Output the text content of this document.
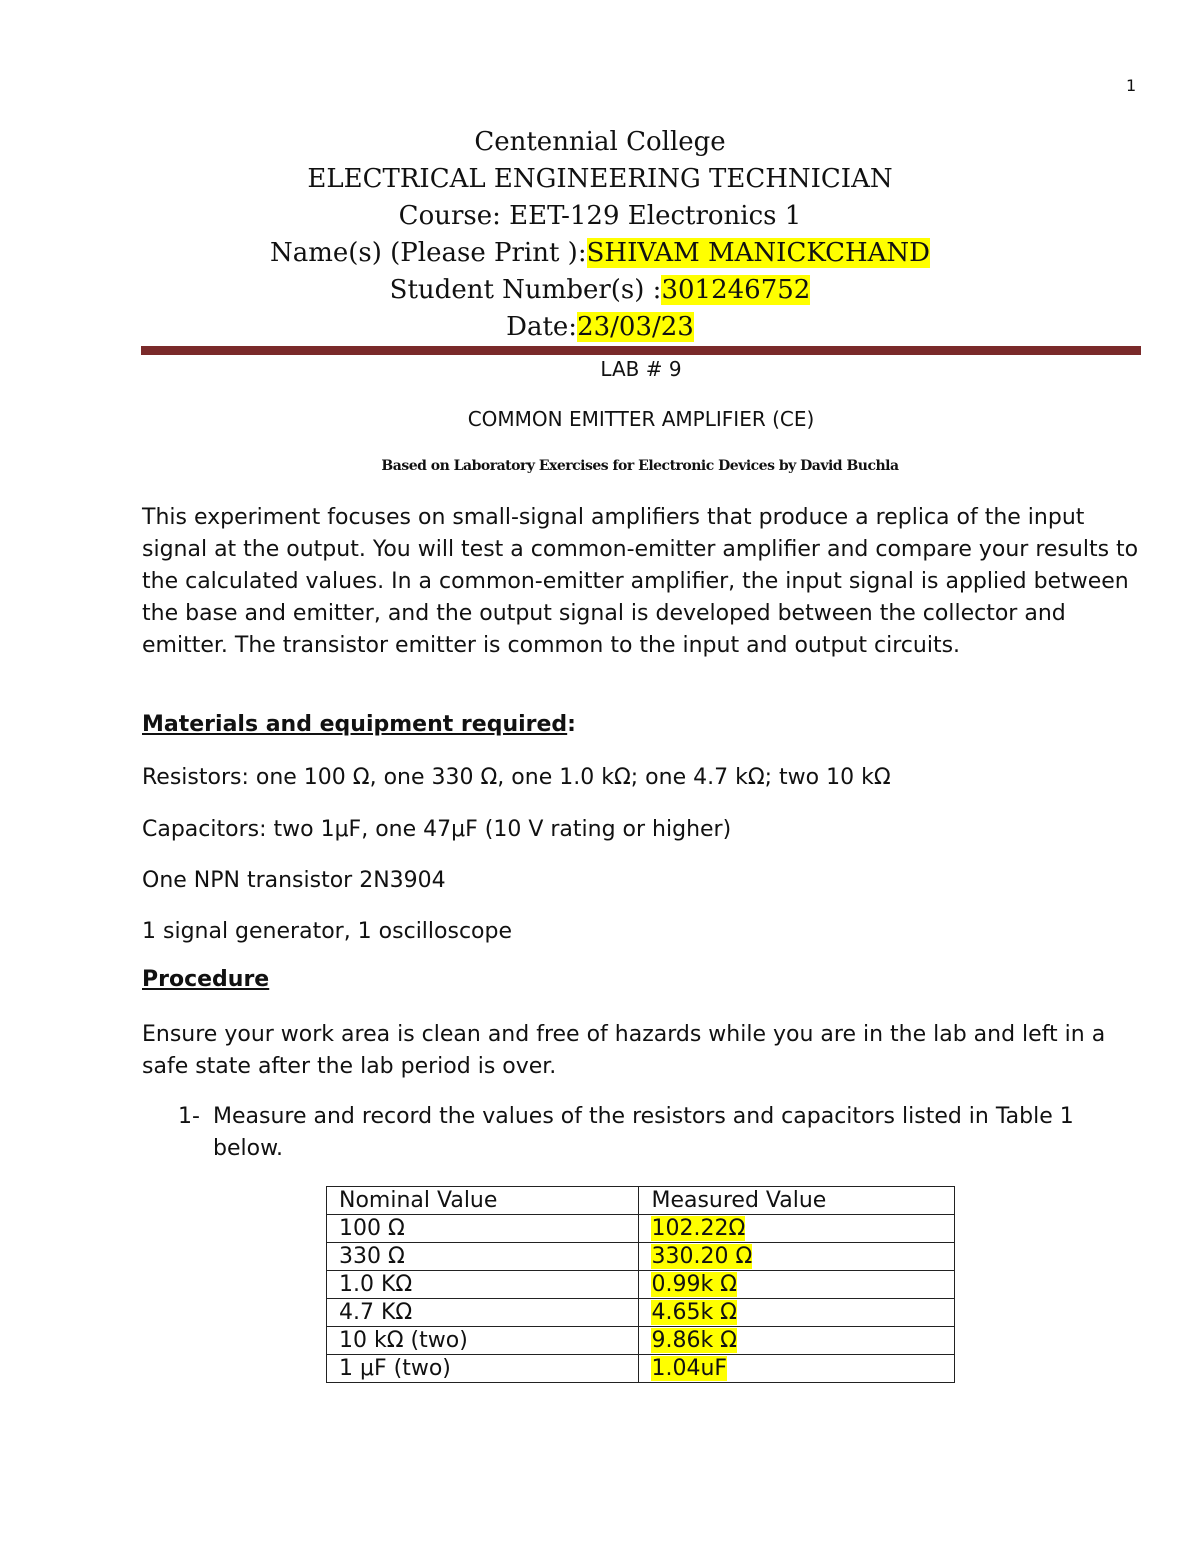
1
Centennial College
ELECTRICAL ENGINEERING TECHNICIAN
Course: EET-129 Electronics 1
Name(s) (Please Print ):SHIVAM MANICKCHAND
Student Number(s) :301246752
Date:23/03/23
LAB # 9
COMMON EMITTER AMPLIFIER (CE)
Based on Laboratory Exercises for Electronic Devices by David Buchla
This experiment focuses on small-signal amplifiers that produce a replica of the input signal at the output. You will test a common-emitter amplifier and compare your results to the calculated values. In a common-emitter amplifier, the input signal is applied between the base and emitter, and the output signal is developed between the collector and emitter. The transistor emitter is common to the input and output circuits.
Materials and equipment required:
Resistors: one 100 Ω, one 330 Ω, one 1.0 kΩ; one 4.7 kΩ; two 10 kΩ
Capacitors: two 1μF, one 47μF (10 V rating or higher)
One NPN transistor 2N3904
1 signal generator, 1 oscilloscope
Procedure
Ensure your work area is clean and free of hazards while you are in the lab and left in a safe state after the lab period is over.
1- Measure and record the values of the resistors and capacitors listed in Table 1 below.
Nominal Value	Measured Value
100 Ω	102.22Ω
330 Ω	330.20 Ω
1.0 KΩ	0.99k Ω
4.7 KΩ	4.65k Ω
10 kΩ (two)	9.86k Ω
1 μF (two)	1.04uF
